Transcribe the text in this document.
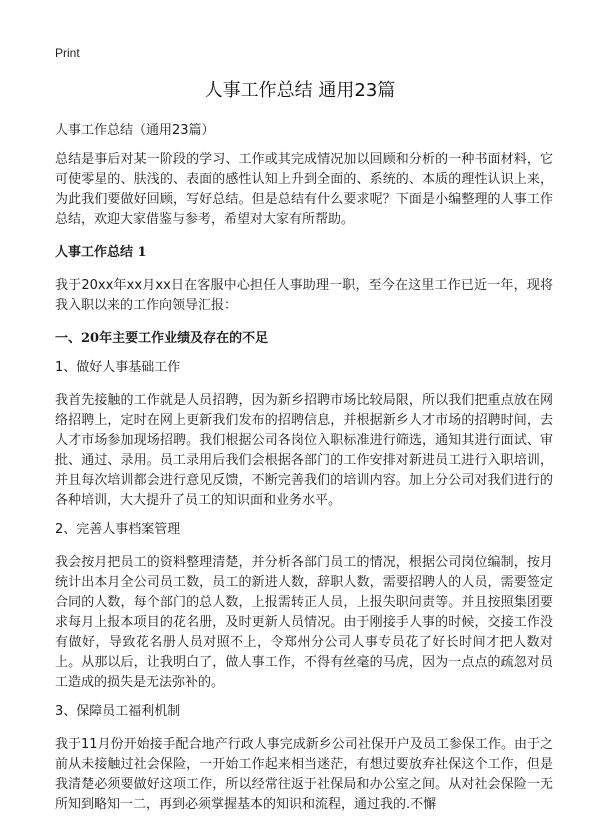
Print
人事工作总结 通用23篇

人事工作总结（通用23篇）

总结是事后对某一阶段的学习、工作或其完成情况加以回顾和分析的一种书面材料，它可使零星的、肤浅的、表面的感性认知上升到全面的、系统的、本质的理性认识上来，为此我们要做好回顾，写好总结。但是总结有什么要求呢？下面是小编整理的人事工作总结，欢迎大家借鉴与参考，希望对大家有所帮助。

人事工作总结 1

我于20xx年xx月xx日在客服中心担任人事助理一职，至今在这里工作已近一年，现将我入职以来的工作向领导汇报：

一、20年主要工作业绩及存在的不足

1、做好人事基础工作

我首先接触的工作就是人员招聘，因为新乡招聘市场比较局限，所以我们把重点放在网络招聘上，定时在网上更新我们发布的招聘信息，并根据新乡人才市场的招聘时间，去人才市场参加现场招聘。我们根据公司各岗位入职标准进行筛选，通知其进行面试、审批、通过、录用。员工录用后我们会根据各部门的工作安排对新进员工进行入职培训，并且每次培训都会进行意见反馈，不断完善我们的培训内容。加上分公司对我们进行的各种培训，大大提升了员工的知识面和业务水平。

2、完善人事档案管理

我会按月把员工的资料整理清楚，并分析各部门员工的情况，根据公司岗位编制，按月统计出本月全公司员工数，员工的新进人数，辞职人数，需要招聘人的人员，需要签定合同的人数，每个部门的总人数，上报需转正人员，上报失职问责等。并且按照集团要求每月上报本项目的花名册，及时更新人员情况。由于刚接手人事的时候，交接工作没有做好，导致花名册人员对照不上，令郑州分公司人事专员花了好长时间才把人数对上。从那以后，让我明白了，做人事工作，不得有丝毫的马虎，因为一点点的疏忽对员工造成的损失是无法弥补的。

3、保障员工福利机制

我于11月份开始接手配合地产行政人事完成新乡公司社保开户及员工参保工作。由于之前从未接触过社会保险，一开始工作起来相当迷茫，有想过要放弃社保这个工作，但是我清楚必须要做好这项工作，所以经常往返于社保局和办公室之间。从对社会保险一无所知到略知一二，再到必须掌握基本的知识和流程，通过我的.不懈
